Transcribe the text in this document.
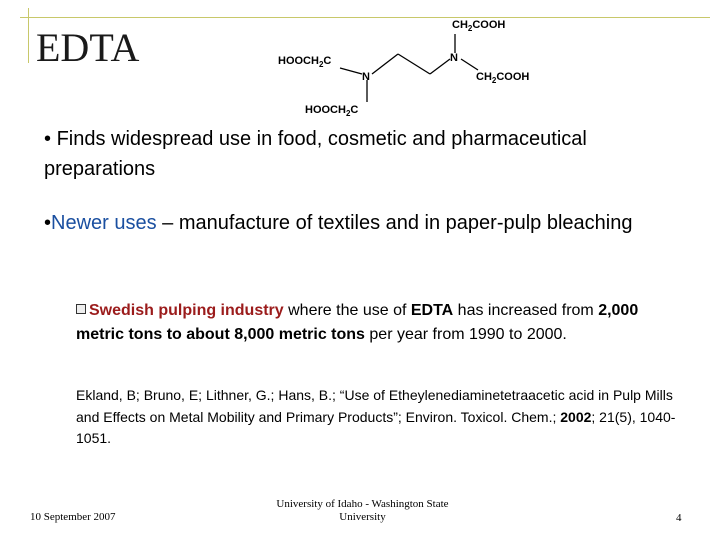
EDTA	$CH_2COOH$
$HOOCH_2C$
N
N
$CH_2COOH$
$HOOCH_2C$
• Finds widespread use in food, cosmetic and pharmaceutical preparations
•Newer uses – manufacture of textiles and in paper-pulp bleaching
Swedish pulping industry where the use of EDTA has increased from 2,000 metric tons to about 8,000 metric tons per year from 1990 to 2000.
Ekland, B; Bruno, E; Lithner, G.; Hans, B.; “Use of Etheylenediaminetetraacetic acid in Pulp Mills and Effects on Metal Mobility and Primary Products”; Environ. Toxicol. Chem.; 2002; 21(5), 1040-1051.
10 September 2007
University of Idaho - Washington State
University	4
